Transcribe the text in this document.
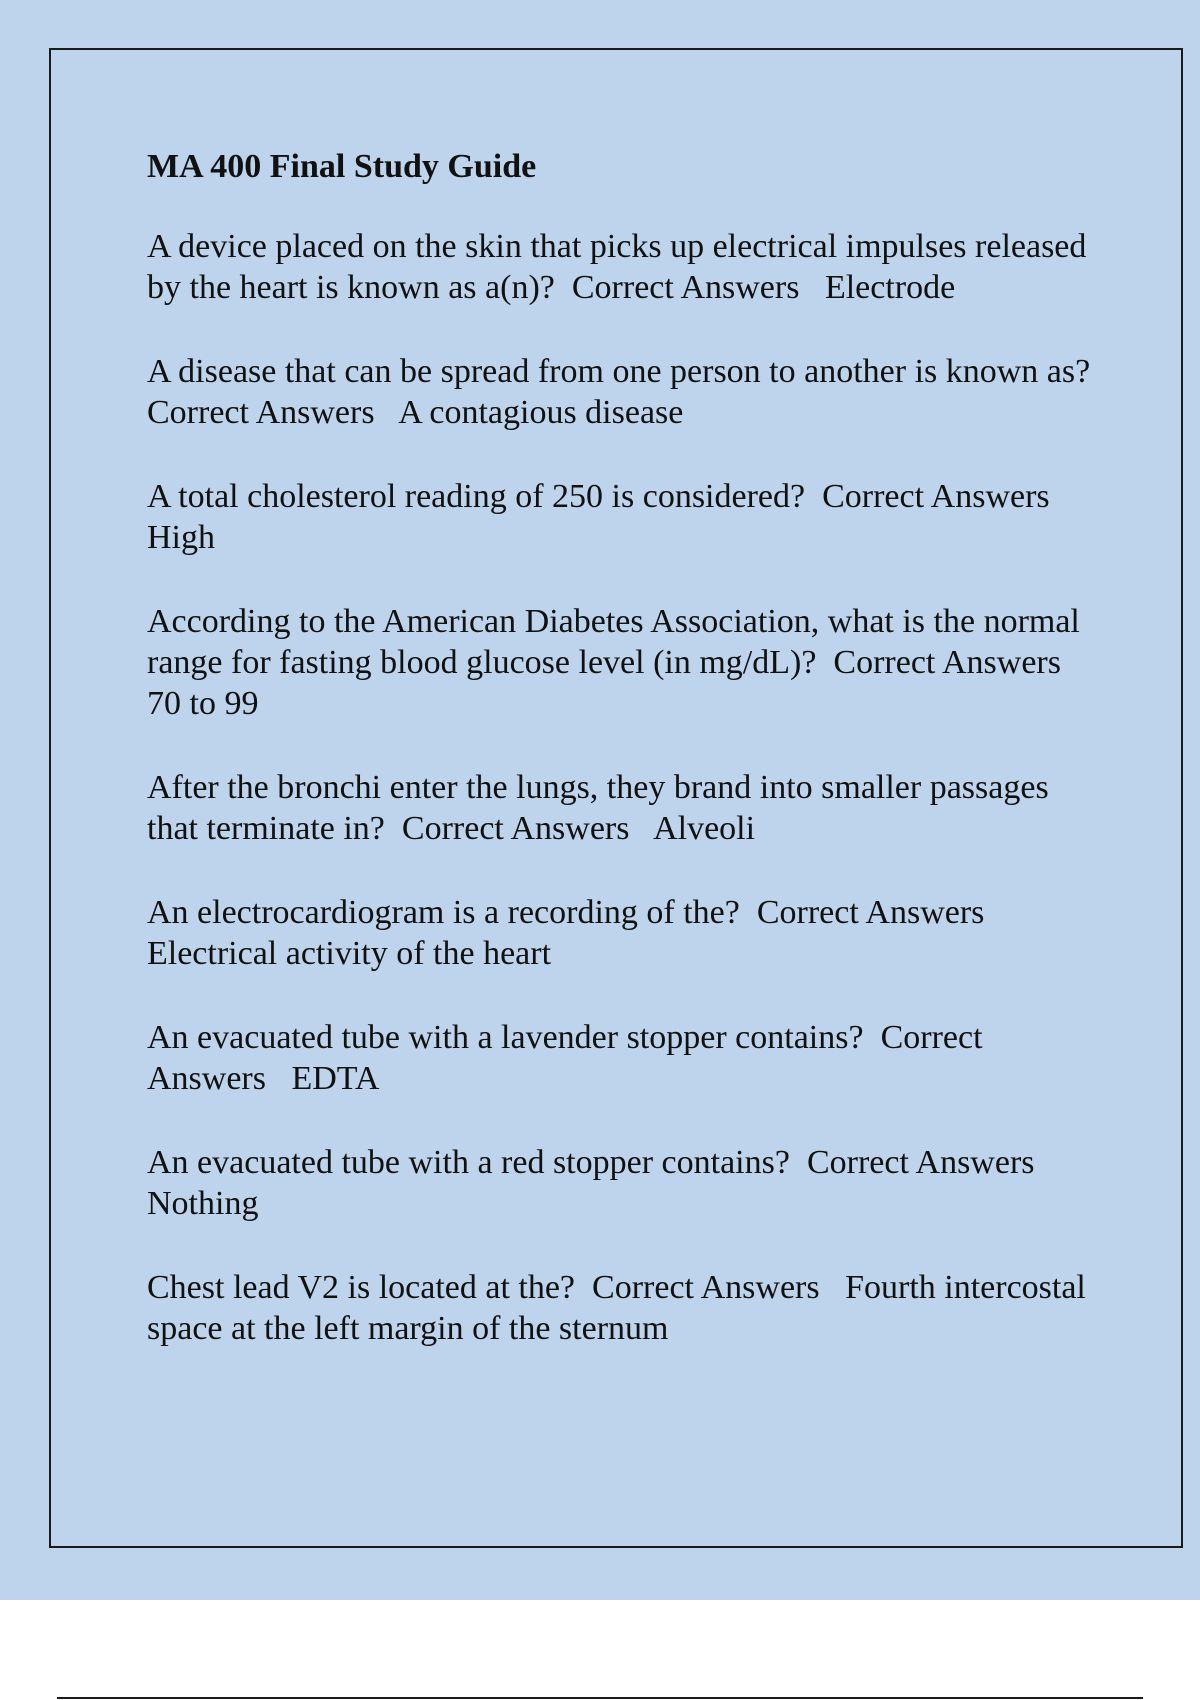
MA 400 Final Study Guide
A device placed on the skin that picks up electrical impulses released by the heart is known as a(n)? Correct Answers Electrode
A disease that can be spread from one person to another is known as?  Correct Answers A contagious disease
A total cholesterol reading of 250 is considered? Correct Answers   High
According to the American Diabetes Association, what is the normal range for fasting blood glucose level (in mg/dL)? Correct Answers   70 to 99
After the bronchi enter the lungs, they brand into smaller passages that terminate in? Correct Answers Alveoli
An electrocardiogram is a recording of the? Correct Answers   Electrical activity of the heart
An evacuated tube with a lavender stopper contains? Correct Answers EDTA
An evacuated tube with a red stopper contains? Correct Answers   Nothing
Chest lead V2 is located at the? Correct Answers Fourth intercostal space at the left margin of the sternum
